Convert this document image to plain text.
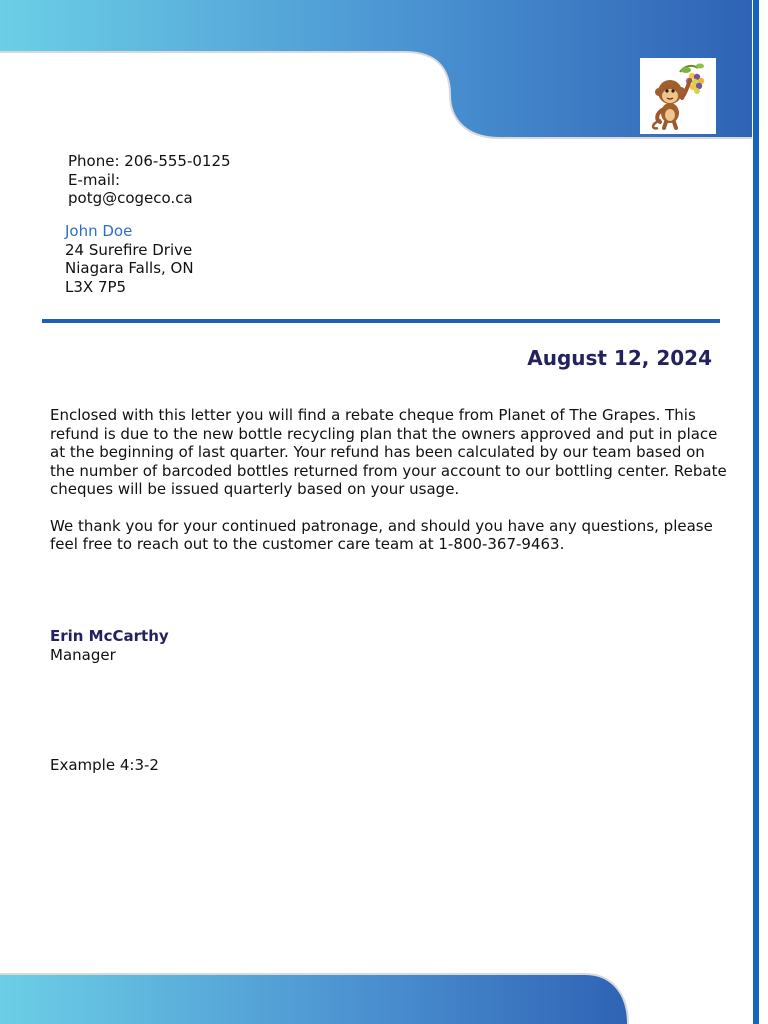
Phone: 206-555-0125
E-mail:
potg@cogeco.ca
John Doe
24 Surefire Drive
Niagara Falls, ON
L3X 7P5
August 12, 2024

Enclosed with this letter you will find a rebate cheque from Planet of The Grapes. This refund is due to the new bottle recycling plan that the owners approved and put in place at the beginning of last quarter. Your refund has been calculated by our team based on the number of barcoded bottles returned from your account to our bottling center. Rebate cheques will be issued quarterly based on your usage.

We thank you for your continued patronage, and should you have any questions, please feel free to reach out to the customer care team at 1-800-367-9463.

Erin McCarthy
Manager
Example 4:3-2
